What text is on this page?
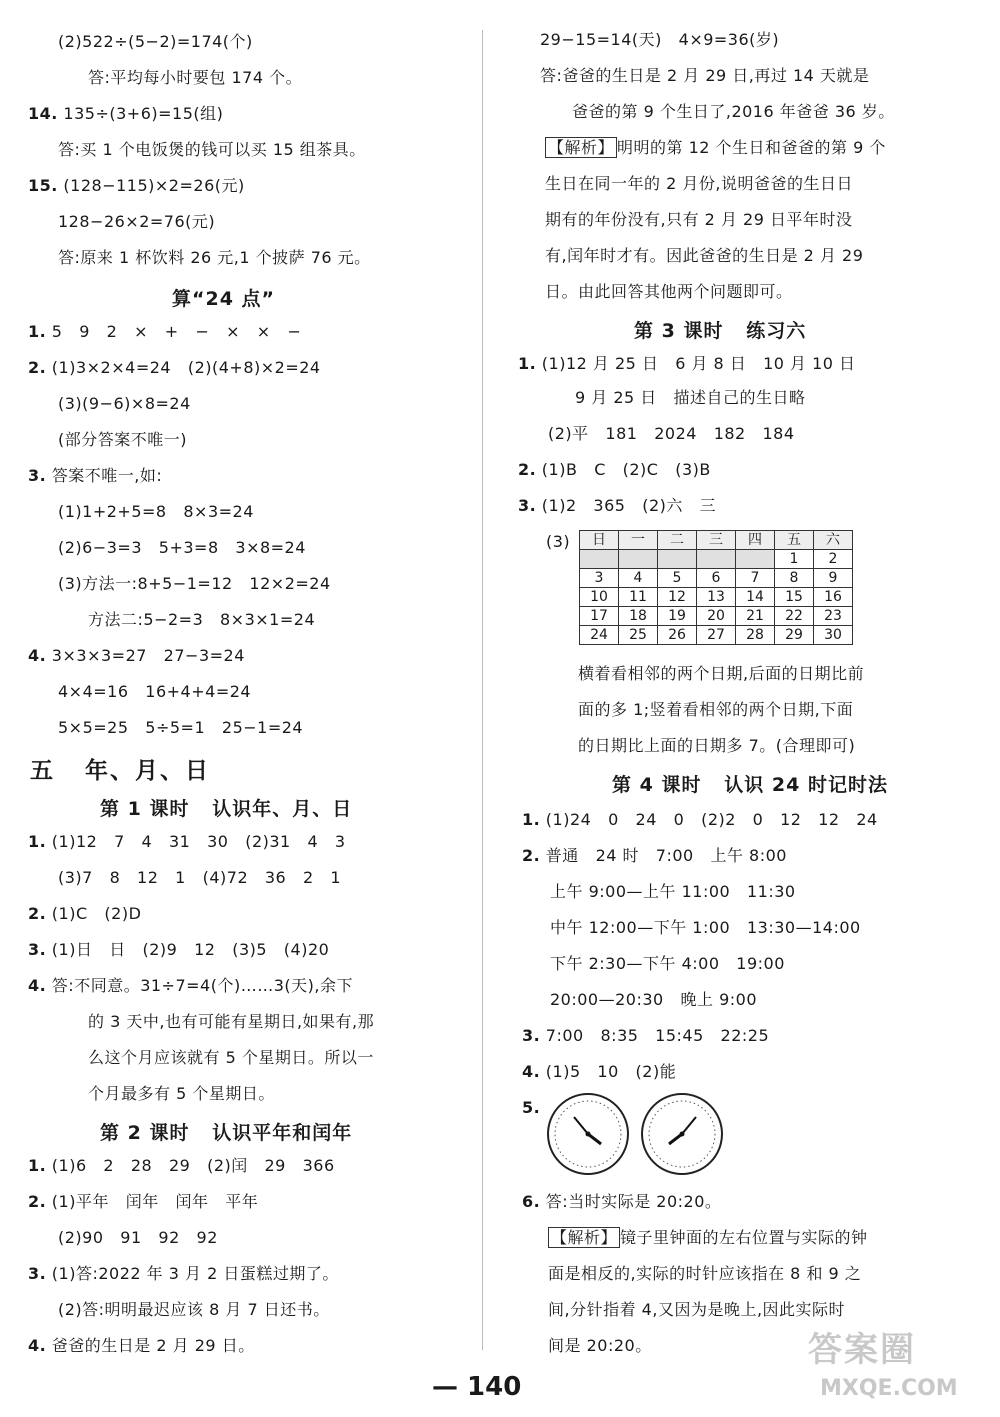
(2)522÷(5−2)=174(个)
答:平均每小时要包 174 个。
14. 135÷(3+6)=15(组)
答:买 1 个电饭煲的钱可以买 15 组茶具。
15. (128−115)×2=26(元)
128−26×2=76(元)
答:原来 1 杯饮料 26 元,1 个披萨 76 元。
算“24 点”
1. 5   9   2   ×   +   −   ×   ×   −
2. (1)3×2×4=24   (2)(4+8)×2=24
(3)(9−6)×8=24
(部分答案不唯一)
3. 答案不唯一,如:
(1)1+2+5=8   8×3=24
(2)6−3=3   5+3=8   3×8=24
(3)方法一:8+5−1=12   12×2=24
方法二:5−2=3   8×3×1=24
4. 3×3×3=27   27−3=24
4×4=16   16+4+4=24
5×5=25   5÷5=1   25−1=24
五   年、月、日
第 1 课时   认识年、月、日
1. (1)12   7   4   31   30   (2)31   4   3
(3)7   8   12   1   (4)72   36   2   1
2. (1)C   (2)D
3. (1)日   日   (2)9   12   (3)5   (4)20
4. 答:不同意。31÷7=4(个)……3(天),余下
的 3 天中,也有可能有星期日,如果有,那
么这个月应该就有 5 个星期日。所以一
个月最多有 5 个星期日。
第 2 课时   认识平年和闰年
1. (1)6   2   28   29   (2)闰   29   366
2. (1)平年   闰年   闰年   平年
(2)90   91   92   92
3. (1)答:2022 年 3 月 2 日蛋糕过期了。
(2)答:明明最迟应该 8 月 7 日还书。
4. 爸爸的生日是 2 月 29 日。
29−15=14(天)   4×9=36(岁)
答:爸爸的生日是 2 月 29 日,再过 14 天就是
爸爸的第 9 个生日了,2016 年爸爸 36 岁。
【解析】 明明的第 12 个生日和爸爸的第 9 个
生日在同一年的 2 月份,说明爸爸的生日日
期有的年份没有,只有 2 月 29 日平年时没
有,闰年时才有。因此爸爸的生日是 2 月 29
日。由此回答其他两个问题即可。
第 3 课时   练习六
1. (1)12 月 25 日   6 月 8 日   10 月 10 日
9 月 25 日   描述自己的生日略
(2)平   181   2024   182   184
2. (1)B   C   (2)C   (3)B
3. (1)2   365   (2)六   三
(3) 日	一	二	三	四	五	六
					1	2
3	4	5	6	7	8	9
10	11	12	13	14	15	16
17	18	19	20	21	22	23
24	25	26	27	28	29	30
横着看相邻的两个日期,后面的日期比前
面的多 1;竖着看相邻的两个日期,下面
的日期比上面的日期多 7。(合理即可)
第 4 课时   认识 24 时记时法
1. (1)24   0   24   0   (2)2   0   12   12   24
2. 普通   24 时   7:00   上午 8:00
上午 9:00—上午 11:00   11:30
中午 12:00—下午 1:00   13:30—14:00
下午 2:30—下午 4:00   19:00
20:00—20:30   晚上 9:00
3. 7:00   8:35   15:45   22:25
4. (1)5   10   (2)能
5.
6. 答:当时实际是 20:20。
【解析】 镜子里钟面的左右位置与实际的钟
面是相反的,实际的时针应该指在 8 和 9 之
间,分针指着 4,又因为是晚上,因此实际时
间是 20:20。
— 140
答案圈
MXQE.COM
